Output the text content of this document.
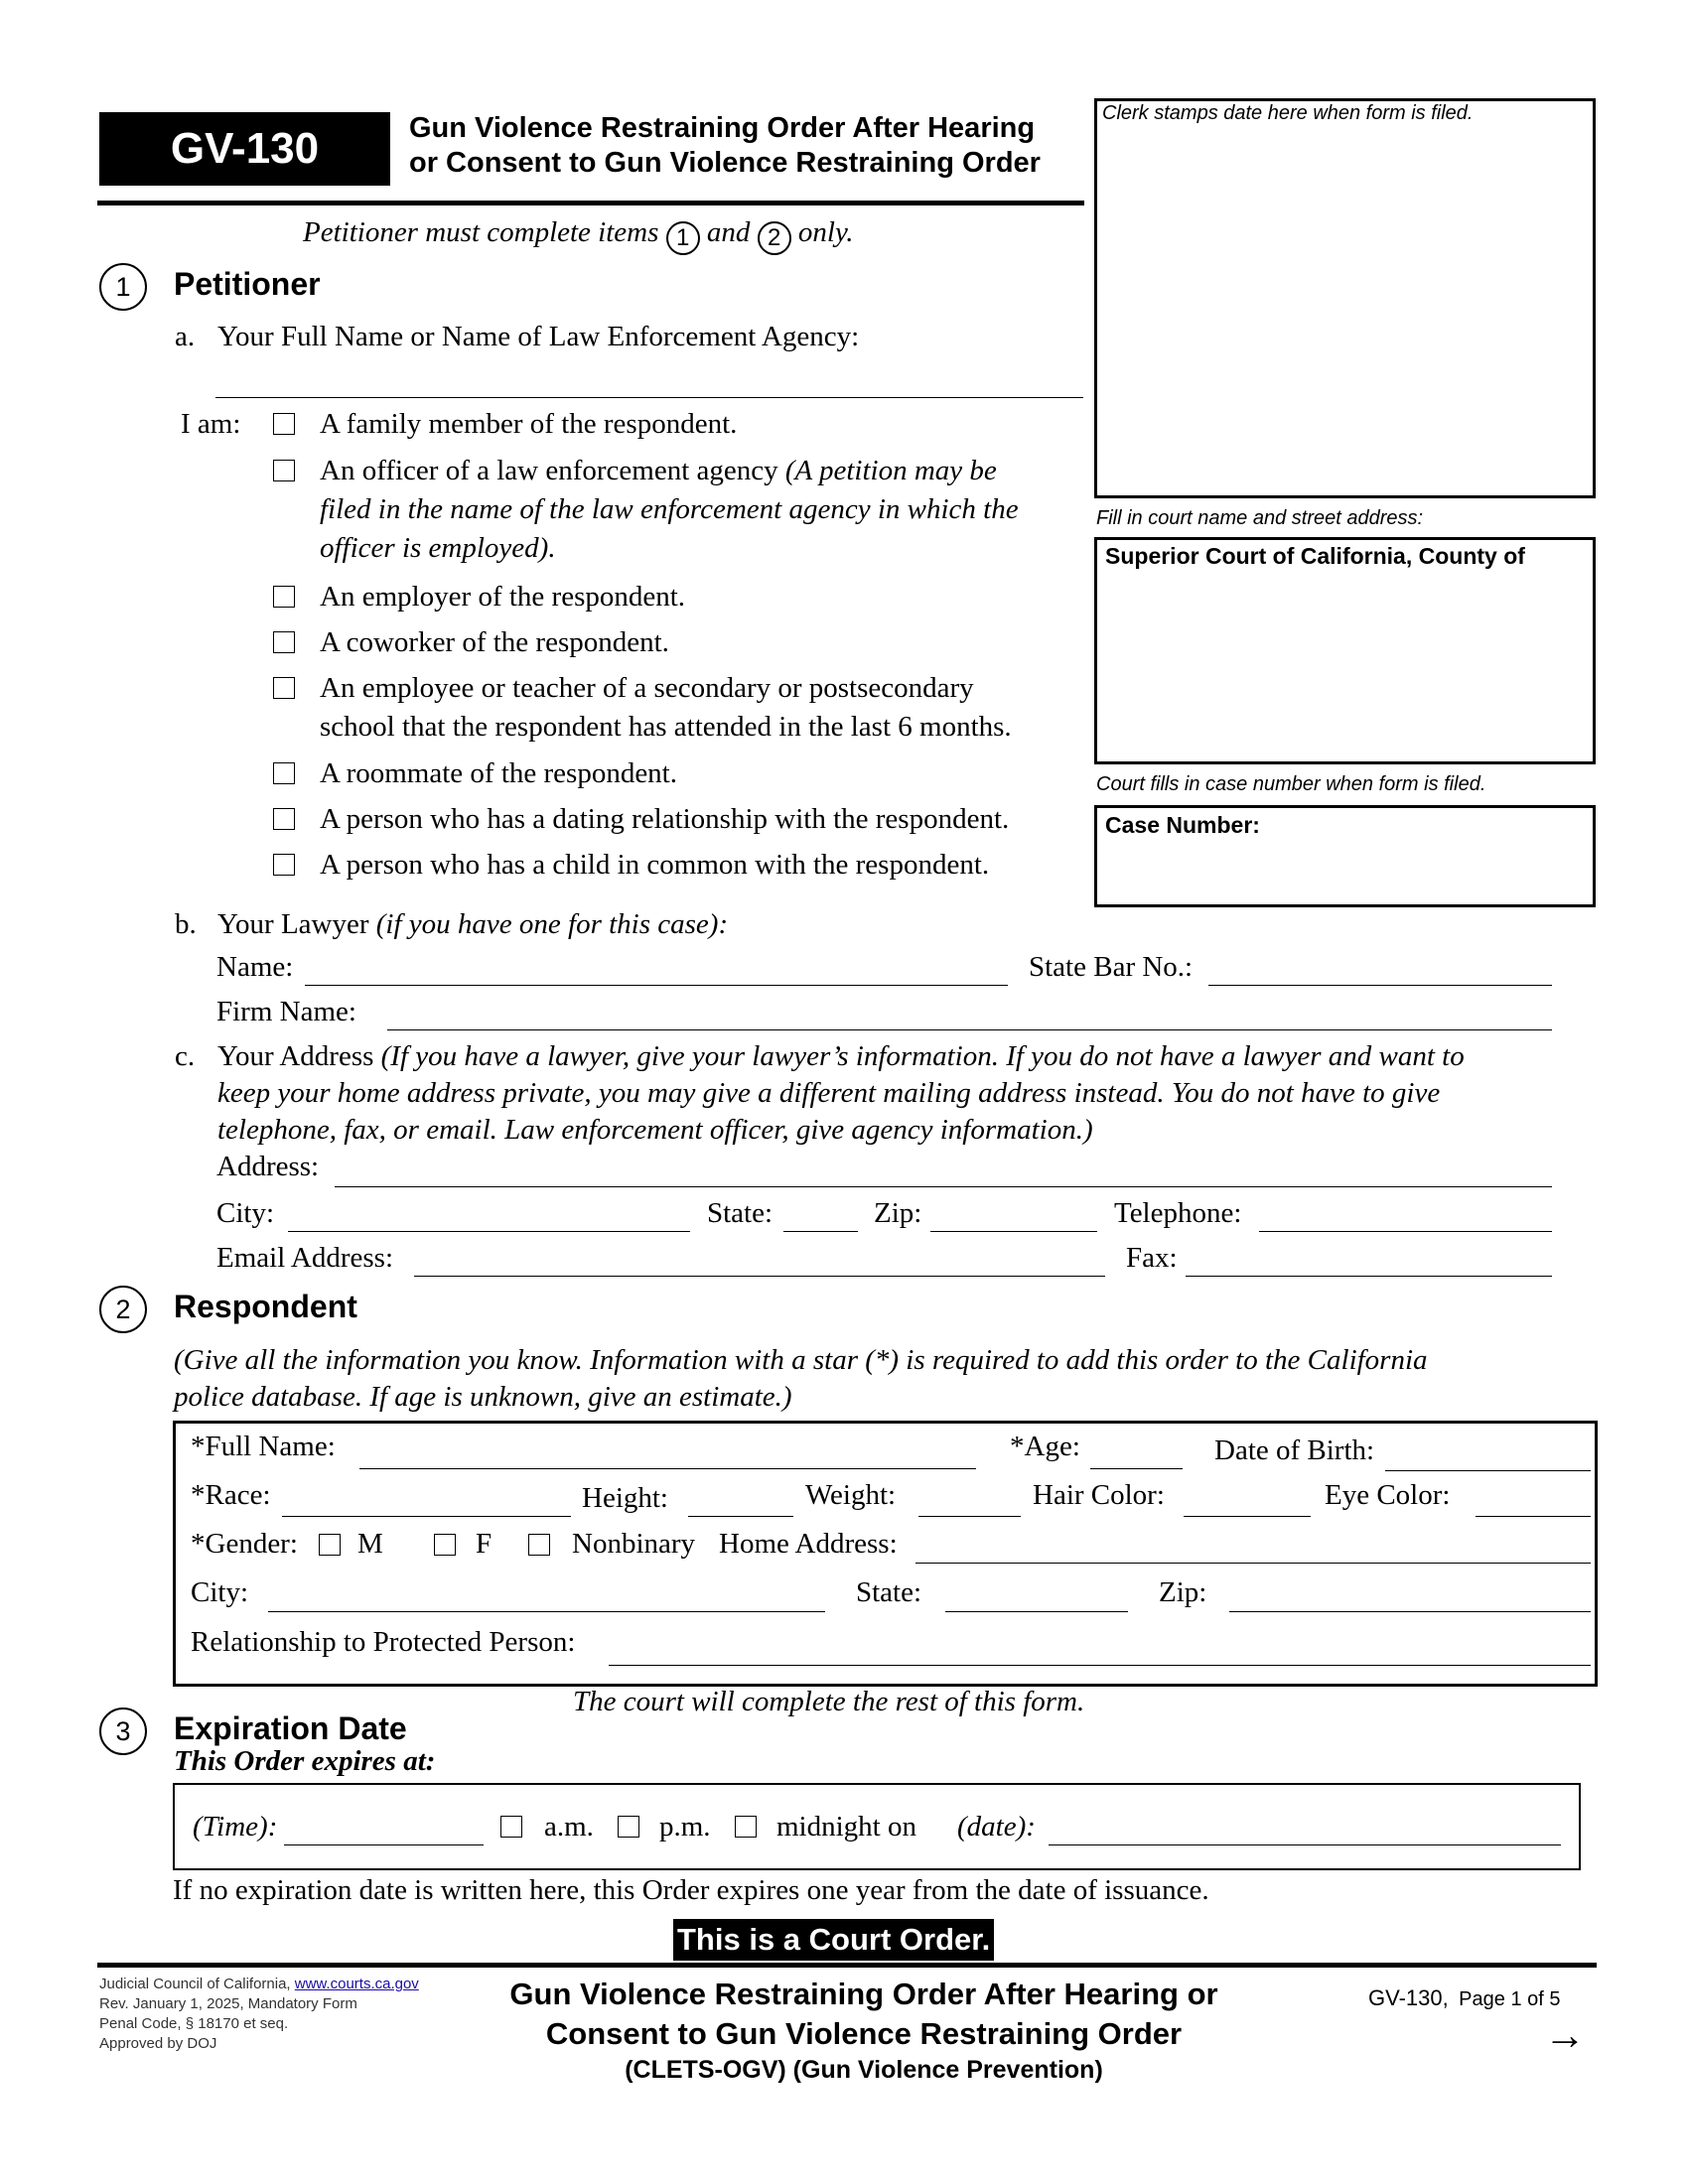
GV-130	Gun Violence Restraining Order After Hearing
or Consent to Gun Violence Restraining Order
Clerk stamps date here when form is filed.
Fill in court name and street address:
Superior Court of California, County of
Court fills in case number when form is filed.
Case Number:
Petitioner must complete items 1 and 2 only.
1	Petitioner
a. Your Full Name or Name of Law Enforcement Agency:
I am:	A family member of the respondent.
An officer of a law enforcement agency (A petition may be
filed in the name of the law enforcement agency in which the
officer is employed).
An employer of the respondent.
A coworker of the respondent.
An employee or teacher of a secondary or postsecondary
school that the respondent has attended in the last 6 months.
A roommate of the respondent.
A person who has a dating relationship with the respondent.
A person who has a child in common with the respondent.
b. Your Lawyer (if you have one for this case):
Name:	State Bar No.:
Firm Name:
c. Your Address (If you have a lawyer, give your lawyer’s information. If you do not have a lawyer and want to
keep your home address private, you may give a different mailing address instead. You do not have to give
telephone, fax, or email. Law enforcement officer, give agency information.)
Address:
City:	State:	Zip:	Telephone:
Email Address:	Fax:
2	Respondent
(Give all the information you know. Information with a star (*) is required to add this order to the California
police database. If age is unknown, give an estimate.)
*Full Name:	*Age:	Date of Birth:
*Race:	Height:	Weight:	Hair Color:	Eye Color:
*Gender: M	F	Nonbinary Home Address:
City:	State:	Zip:
Relationship to Protected Person:
The court will complete the rest of this form.
3	Expiration Date
This Order expires at:
(Time):	a.m. p.m. midnight on (date):
If no expiration date is written here, this Order expires one year from the date of issuance.
This is a Court Order.
Judicial Council of California, www.courts.ca.gov
Rev. January 1, 2025, Mandatory Form
Penal Code, § 18170 et seq.
Approved by DOJ
Gun Violence Restraining Order After Hearing or
Consent to Gun Violence Restraining Order
(CLETS-OGV) (Gun Violence Prevention)
GV-130, Page 1 of 5
→
